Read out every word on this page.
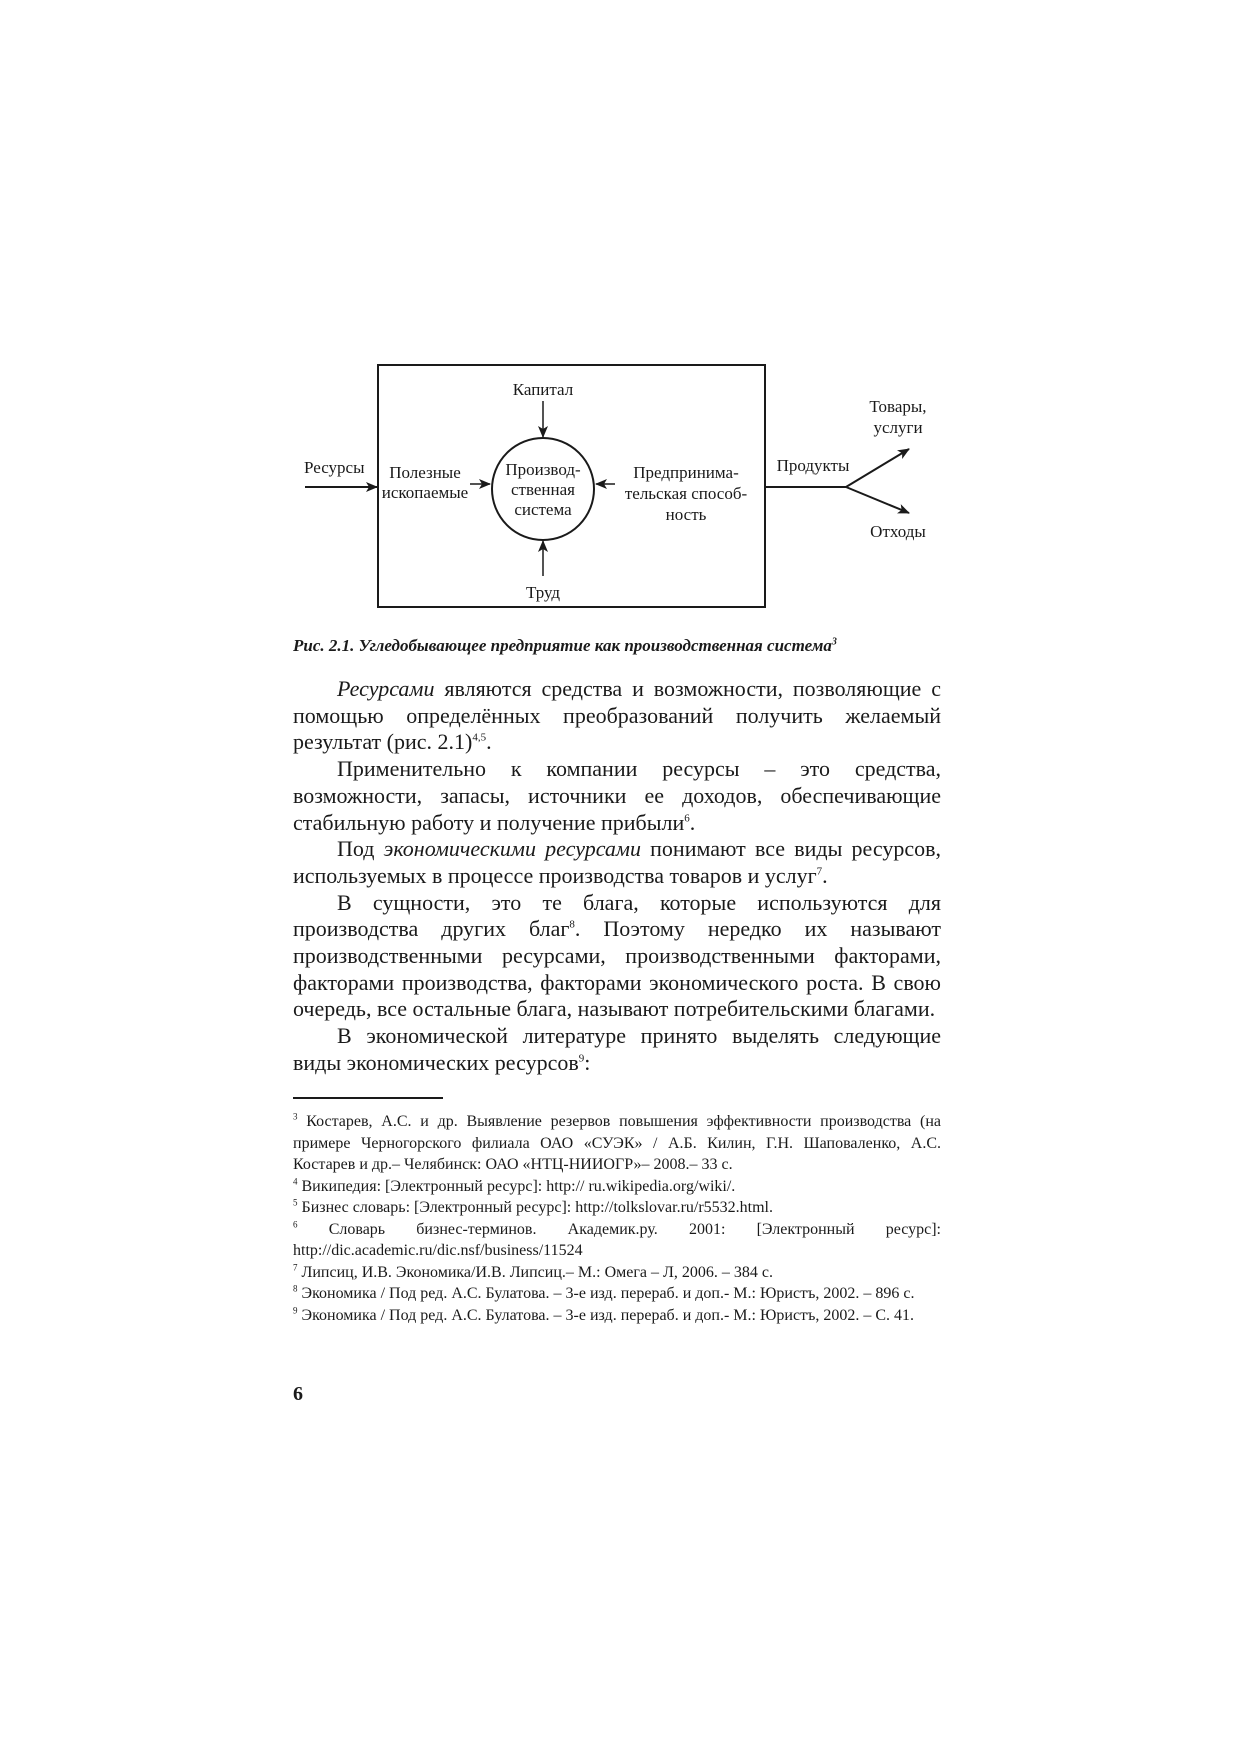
Ресурсы Полезные
ископаемые
Капитал
Труд
Производ-
ственная
система
Предпринима-
тельская способ-
ность
Продукты
Товары,
услуги
Отходы
Рис. 2.1. Угледобывающее предприятие как производственная система$^3$

Ресурсами являются средства и возможности, позволяющие с помощью определённых преобразований получить желаемый результат (рис. 2.1)$^{4,5}$.

Применительно к компании ресурсы – это средства, возможности, запасы, источники ее доходов, обеспечивающие стабильную работу и получение прибыли$^6$.

Под экономическими ресурсами понимают все виды ресурсов, используемых в процессе производства товаров и услуг$^7$.

В сущности, это те блага, которые используются для производства других благ$^8$. Поэтому нередко их называют производственными ресурсами, производственными факторами, факторами производства, факторами экономического роста. В свою очередь, все остальные блага, называют потребительскими благами.

В экономической литературе принято выделять следующие виды экономических ресурсов$^9$:

$^3$ Костарев, А.С. и др. Выявление резервов повышения эффективности производства (на примере Черногорского филиала ОАО «СУЭК» / А.Б. Килин, Г.Н. Шаповаленко, А.С. Костарев и др.– Челябинск: ОАО «НТЦ-НИИОГР»– 2008.– 33 с.

$^4$ Википедия: [Электронный ресурс]: http:// ru.wikipedia.org/wiki/.

$^5$ Бизнес словарь: [Электронный ресурс]: http://tolkslovar.ru/r5532.html.

$^6$ Словарь бизнес-терминов. Академик.ру. 2001: [Электронный ресурс]: http://dic.academic.ru/dic.nsf/business/11524

$^7$ Липсиц, И.В. Экономика/И.В. Липсиц.– М.: Омега – Л, 2006. – 384 с.

$^8$ Экономика / Под ред. А.С. Булатова. – 3-е изд. перераб. и доп.- М.: Юристъ, 2002. – 896 с.

$^9$ Экономика / Под ред. А.С. Булатова. – 3-е изд. перераб. и доп.- М.: Юристъ, 2002. – С. 41.

6
